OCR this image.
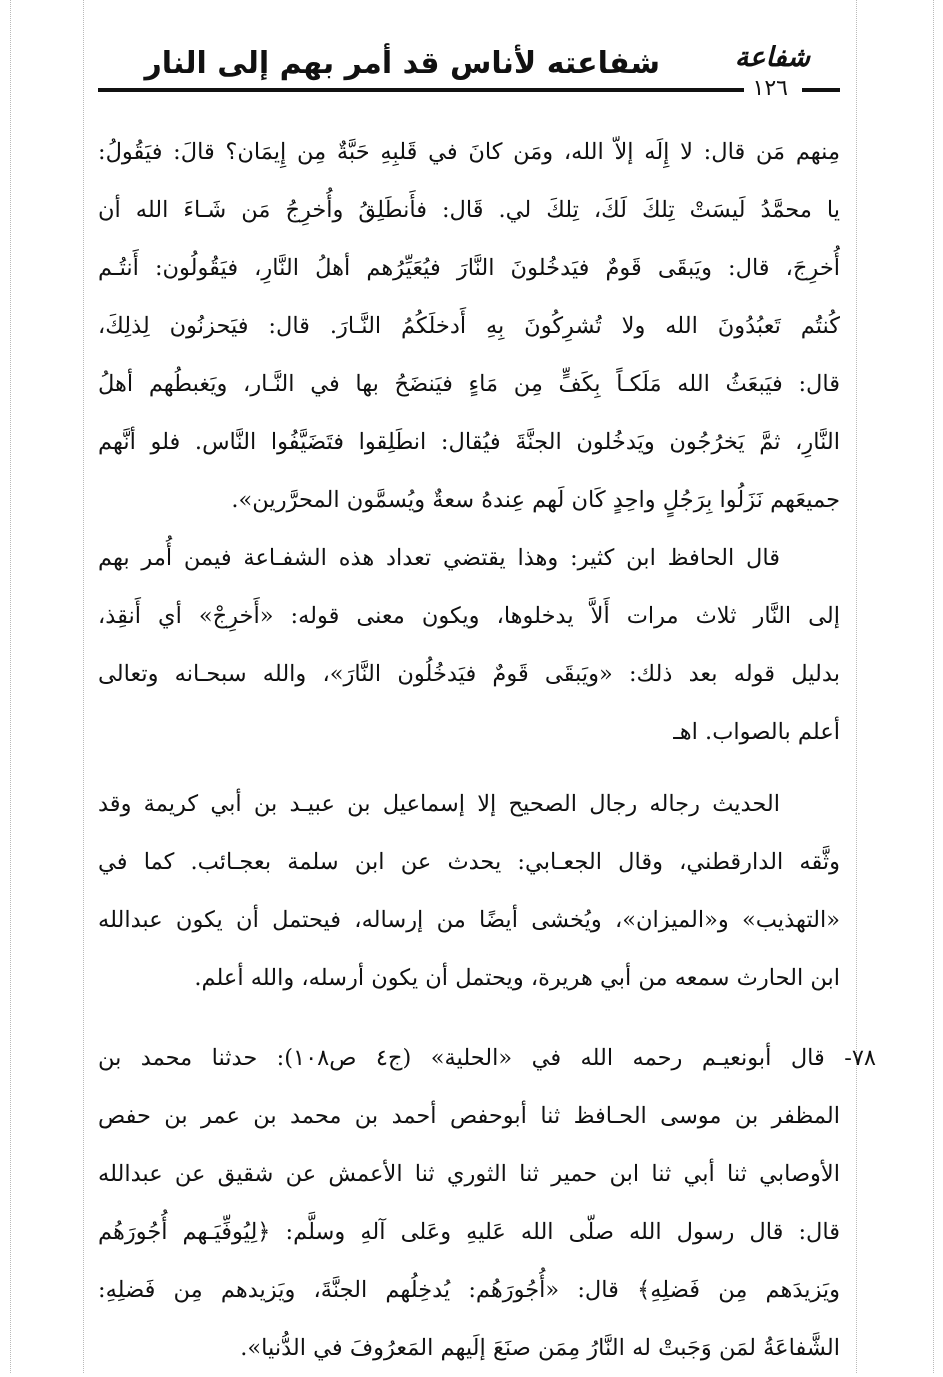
شفاعته لأناس قد أمر بهم إلى النار	شفاعة
١٢٦
مِنهم مَن قال: لا إِلَه إلاّ الله، ومَن كانَ في قَلبِهِ حَبَّةٌ مِن إِيمَان؟ قالَ: فيَقُولُ:
يا محمَّدُ لَيسَتْ تِلكَ لَكَ، تِلكَ لي. قَال: فأَنطَلِقُ وأُخرِجُ مَن شَـاءَ الله أن
أُخرِجَ، قال: ويَبقَى قَومٌ فيَدخُلونَ النَّارَ فيُعَيِّرُهم أهلُ النَّارِ، فيَقُولُون: أَنتُـم
كُنتُم تَعبُدُونَ الله ولا تُشرِكُونَ بِهِ أَدخلَكُمُ النَّـارَ. قال: فيَحزنُون لِذلِكَ،
قال: فيَبعَثُ الله مَلَكـاً بِكَفٍّ مِن مَاءٍ فيَنضَحُ بها في النَّـار، ويَغبطُهم أهلُ
النَّارِ، ثمَّ يَخرُجُون ويَدخُلون الجنَّةَ فيُقال: انطَلِقوا فتَضَيَّفُوا النَّاس. فلو أنَّهم
جميعَهم نَزَلُوا بِرَجُلٍ واحِدٍ كَان لَهم عِندهُ سعةٌ ويُسمَّون المحرَّرين».
قال الحافظ ابن كثير: وهذا يقتضي تعداد هذه الشفـاعة فيمن أُمر بهم
إلى النَّار ثلاث مرات أَلاَّ يدخلوها، ويكون معنى قوله: «أَخرِجْ» أي أَنقِذ،
بدليل قوله بعد ذلك: «ويَبقَى قَومٌ فيَدخُلُون النَّارَ»، والله سبحـانه وتعالى
أعلم بالصواب. اهـ
الحديث رجاله رجال الصحيح إلا إسماعيل بن عبيـد بن أبي كريمة وقد
وثَّقه الدارقطني، وقال الجعـابي: يحدث عن ابن سلمة بعجـائب. كما في
«التهذيب» و«الميزان»، ويُخشى أيضًا من إرساله، فيحتمل أن يكون عبدالله
ابن الحارث سمعه من أبي هريرة، ويحتمل أن يكون أرسله، والله أعلم.
٧٨- قال أبونعيـم رحمه الله في «الحلية» (ج٤ ص١٠٨): حدثنا محمد بن
المظفر بن موسى الحـافظ ثنا أبوحفص أحمد بن محمد بن عمر بن حفص
الأوصابي ثنا أبي ثنا ابن حمير ثنا الثوري ثنا الأعمش عن شقيق عن عبدالله
قال: قال رسول الله صلّى الله عَليهِ وعَلى آلهِ وسلَّم: ﴿لِيُوفِّيَـهم أُجُورَهُم
ويَزيدَهم مِن فَضلِهِ﴾ قال: «أُجُورَهُم: يُدخِلُهم الجنَّةَ، ويَزيدهم مِن فَضلِهِ:
الشَّفاعَةُ لمَن وَجَبتْ له النَّارُ مِمَن صنَعَ إلَيهم المَعرُوفَ في الدُّنيا».
